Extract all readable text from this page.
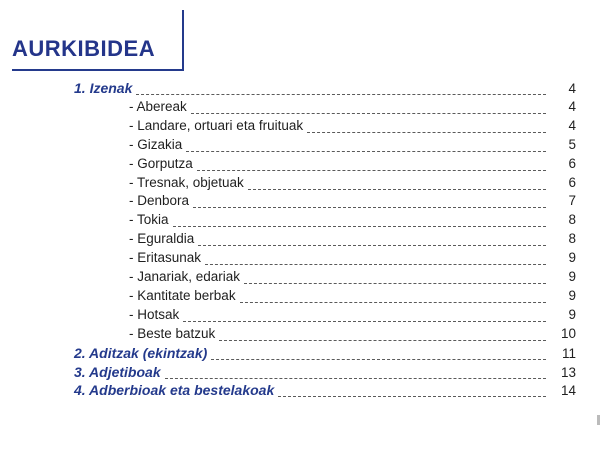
AURKIBIDEA
1. Izenak	4
- Abereak	4
- Landare, ortuari eta fruituak	4
- Gizakia	5
- Gorputza	6
- Tresnak, objetuak	6
- Denbora	7
- Tokia	8
- Eguraldia	8
- Eritasunak	9
- Janariak, edariak	9
- Kantitate berbak	9
- Hotsak	9
- Beste batzuk	10
2. Aditzak (ekintzak)	11
3. Adjetiboak	13
4. Adberbioak eta bestelakoak	14
